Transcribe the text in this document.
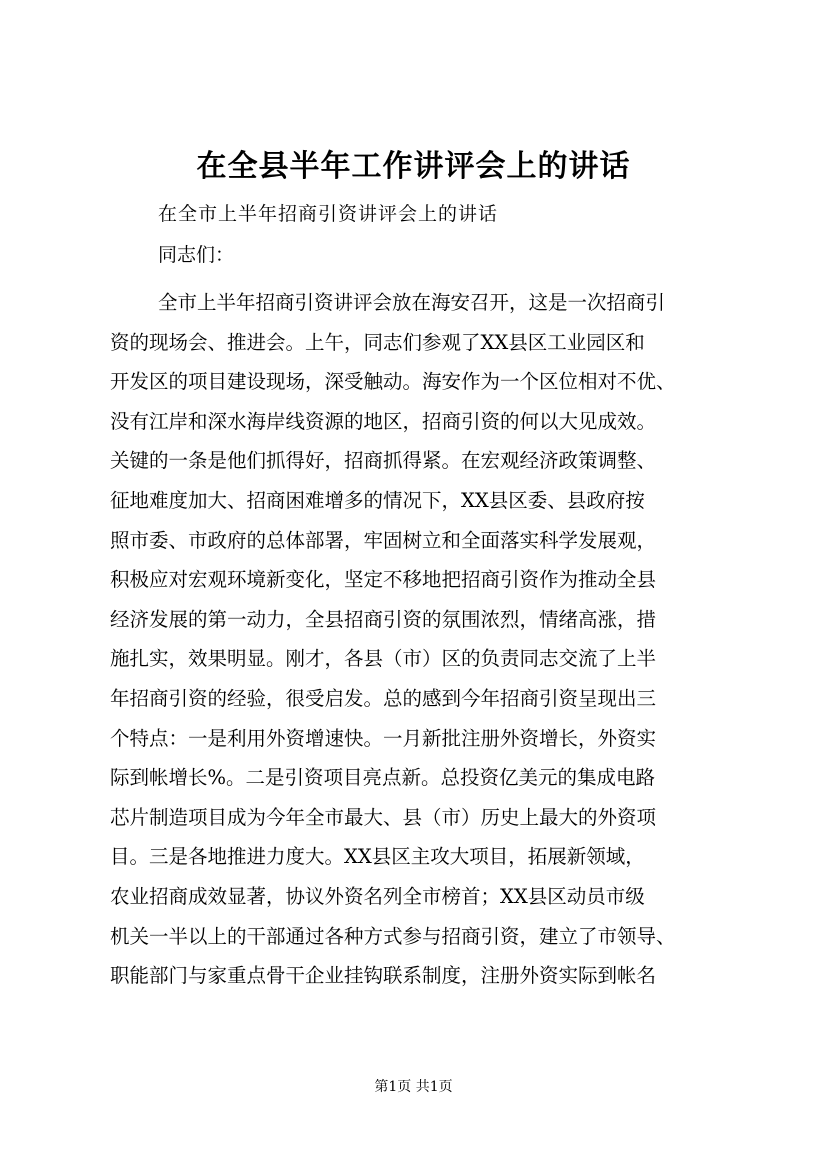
在全县半年工作讲评会上的讲话
在全市上半年招商引资讲评会上的讲话
同志们：
全市上半年招商引资讲评会放在海安召开，这是一次招商引
资的现场会、推进会。上午，同志们参观了XX县区工业园区和
开发区的项目建设现场，深受触动。海安作为一个区位相对不优、
没有江岸和深水海岸线资源的地区，招商引资的何以大见成效。
关键的一条是他们抓得好，招商抓得紧。在宏观经济政策调整、
征地难度加大、招商困难增多的情况下，XX县区委、县政府按
照市委、市政府的总体部署，牢固树立和全面落实科学发展观，
积极应对宏观环境新变化，坚定不移地把招商引资作为推动全县
经济发展的第一动力，全县招商引资的氛围浓烈，情绪高涨，措
施扎实，效果明显。刚才，各县（市）区的负责同志交流了上半
年招商引资的经验，很受启发。总的感到今年招商引资呈现出三
个特点：一是利用外资增速快。一月新批注册外资增长，外资实
际到帐增长%。二是引资项目亮点新。总投资亿美元的集成电路
芯片制造项目成为今年全市最大、县（市）历史上最大的外资项
目。三是各地推进力度大。XX县区主攻大项目，拓展新领域，
农业招商成效显著，协议外资名列全市榜首；XX县区动员市级
机关一半以上的干部通过各种方式参与招商引资，建立了市领导、
职能部门与家重点骨干企业挂钩联系制度，注册外资实际到帐名
第1页 共1页
